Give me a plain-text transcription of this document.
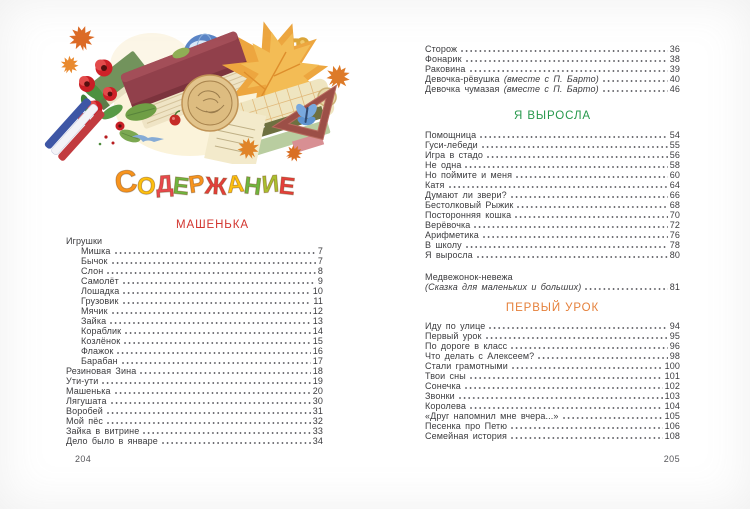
СОДЕРЖАНИЕ
МАШЕНЬКА
Игрушки
Мишка	7
Бычок	7
Слон	8
Самолёт	9
Лошадка	10
Грузовик	11
Мячик	12
Зайка	13
Кораблик	14
Козлёнок	15
Флажок	16
Барабан	17
Резиновая Зина	18
Ути-ути	19
Машенька	20
Лягушата	30
Воробей	31
Мой пёс	32
Зайка в витрине	33
Дело было в январе	34
204
Сторож	36
Фонарик	38
Раковина	39
Девочка-рёвушка (вместе с П. Барто)	40
Девочка чумазая (вместе с П. Барто)	46
Я ВЫРОСЛА
Помощница	54
Гуси-лебеди	55
Игра в стадо	56
Не одна	58
Но поймите и меня	60
Катя	64
Думают ли звери?	66
Бестолковый Рыжик	68
Посторонняя кошка	70
Верёвочка	72
Арифметика	76
В школу	78
Я выросла	80
Медвежонок-невежа
(Сказка для маленьких и больших)	81
ПЕРВЫЙ УРОК
Иду по улице	94
Первый урок	95
По дороге в класс	96
Что делать с Алексеем?	98
Стали грамотными	100
Твои сны	101
Сонечка	102
Звонки	103
Королева	104
«Друг напомнил мне вчера...»	105
Песенка про Петю	106
Семейная история	108
205
